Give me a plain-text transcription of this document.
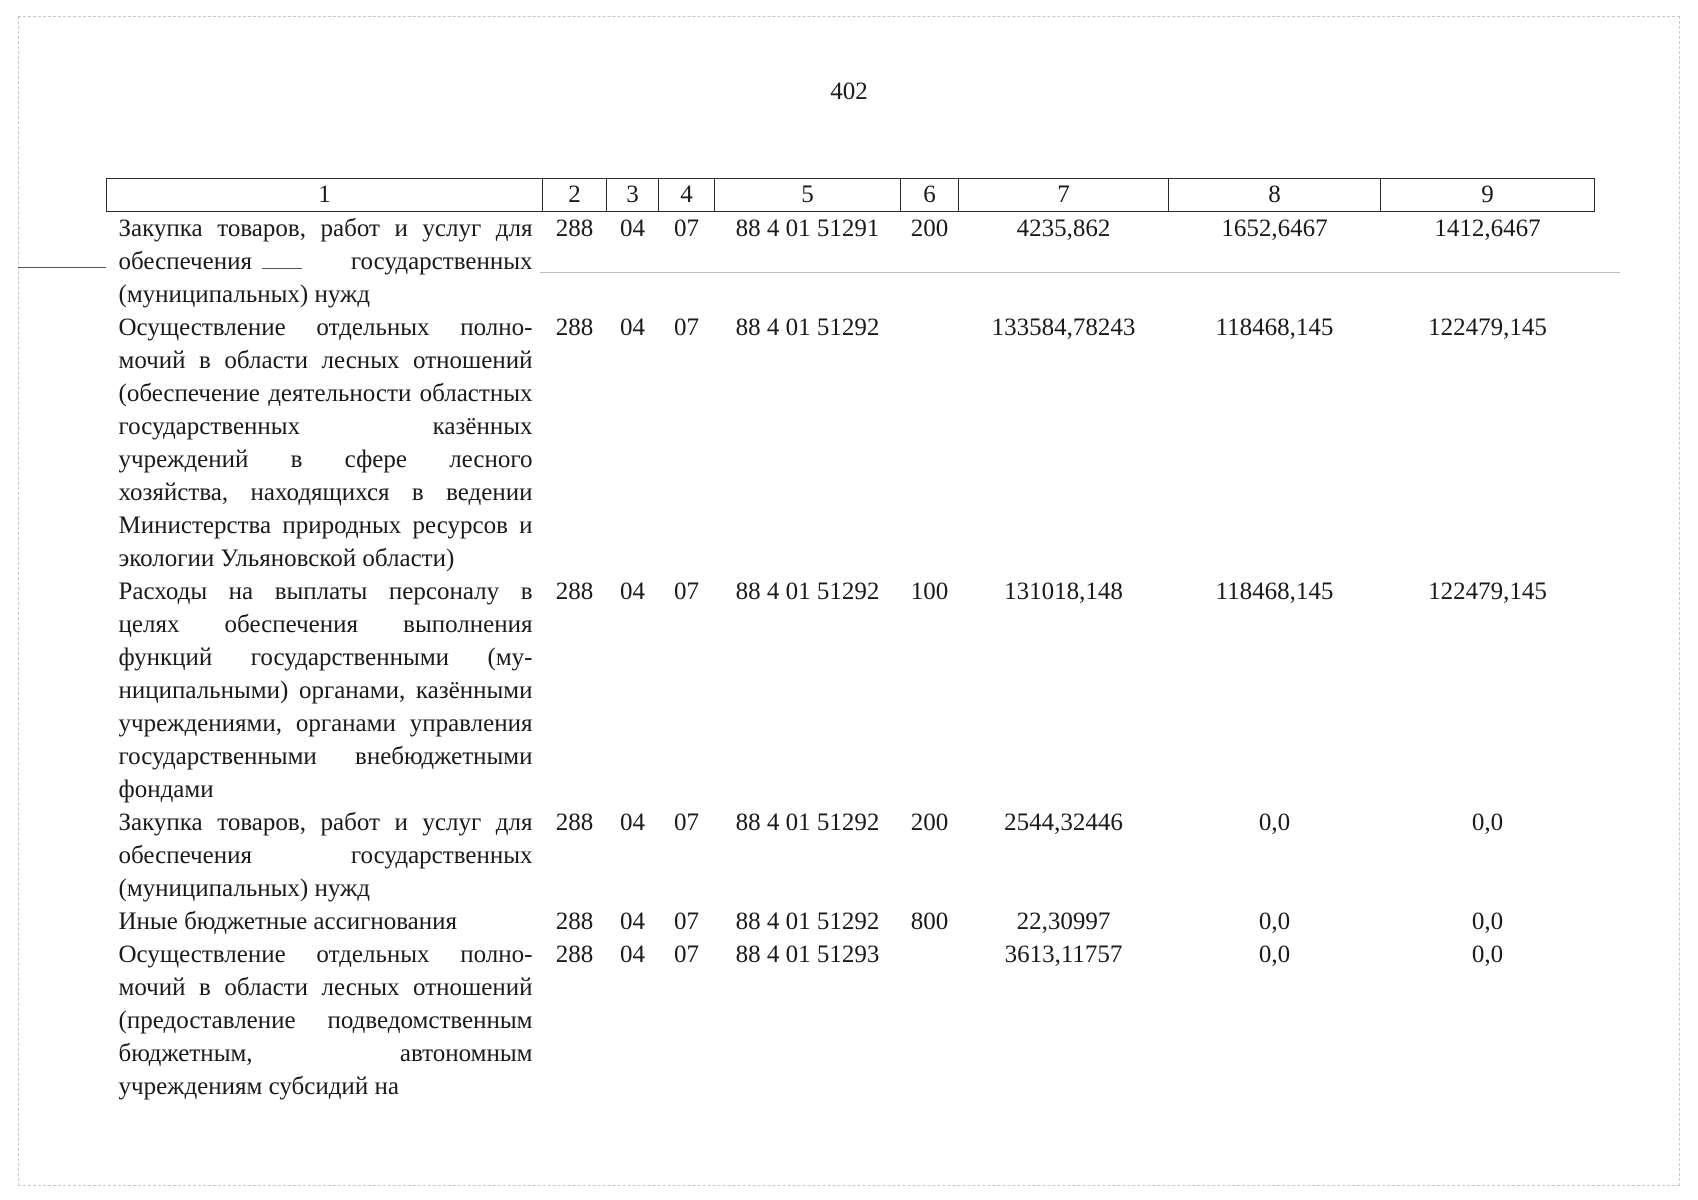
402
1	2	3	4	5	6	7	8	9
Закупка товаров, работ и услуг для обеспечения государственных (муниципальных) нужд	288	04	07	88 4 01 51291	200	4235,862	1652,6467	1412,6467
Осуществление отдельных полномочий в области лесных отношений (обеспечение деятельности областных государственных казённых учреждений в сфере лесного хозяйства, находящихся в ведении Министерства природных ресурсов и экологии Ульяновской области)	288	04	07	88 4 01 51292		133584,78243	118468,145	122479,145
Расходы на выплаты персоналу в целях обеспечения выполнения функций государственными (муниципальными) органами, казёнными учреждениями, органами управления государственными внебюджетными фондами	288	04	07	88 4 01 51292	100	131018,148	118468,145	122479,145
Закупка товаров, работ и услуг для обеспечения государственных (муниципальных) нужд	288	04	07	88 4 01 51292	200	2544,32446	0,0	0,0
Иные бюджетные ассигнования	288	04	07	88 4 01 51292	800	22,30997	0,0	0,0
Осуществление отдельных полномочий в области лесных отношений (предоставление подведомственным бюджетным, автономным учреждениям субсидий на	288	04	07	88 4 01 51293		3613,11757	0,0	0,0
